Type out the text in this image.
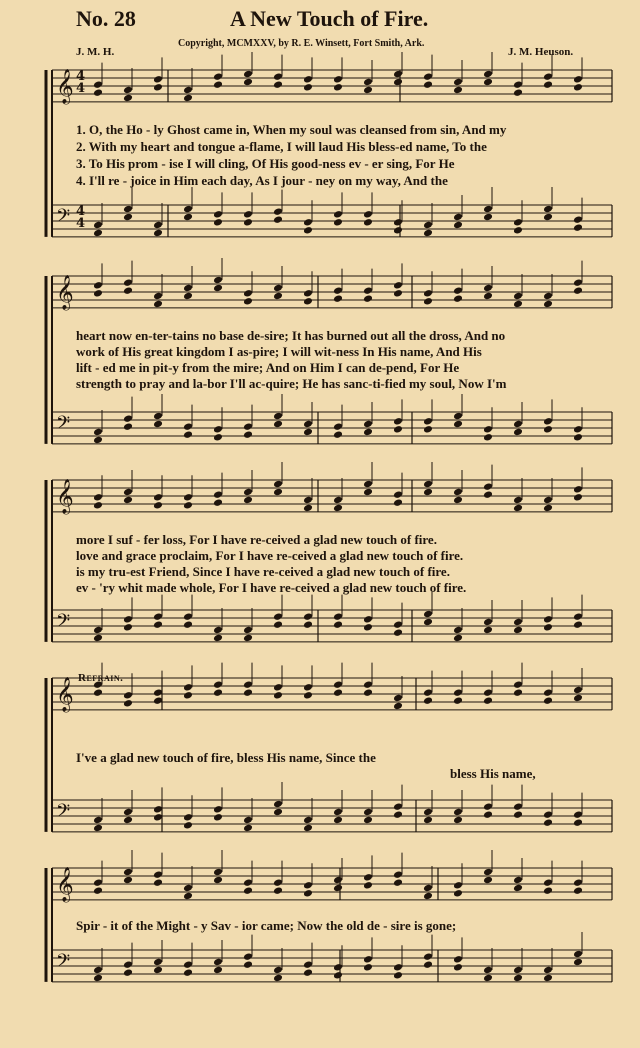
𝄞
𝄢
𝄞
𝄢
𝄞
𝄢
𝄞
𝄢
𝄞
𝄢
4
4
4
4
No. 28	A New Touch of Fire.
Copyright, MCMXXV, by R. E. Winsett, Fort Smith, Ark.
J. M. H.	J. M. Heuson.
1. O, the Ho - ly Ghost came in, When my soul was cleansed from sin, And my
2. With my heart and tongue a-flame, I will laud His bless-ed name, To the
3. To His prom - ise I will cling, Of His good-ness ev - er sing, For He
4. I'll re - joice in Him each day, As I jour - ney on my way, And the
heart now en-ter-tains no base de-sire; It has burned out all the dross, And no
work of His great kingdom I as-pire; I will wit-ness In His name, And His
lift - ed me in pit-y from the mire; And on Him I can de-pend, For He
strength to pray and la-bor I'll ac-quire; He has sanc-ti-fied my soul, Now I'm
more I suf - fer loss, For I have re-ceived a glad new touch of fire.
love and grace proclaim, For I have re-ceived a glad new touch of fire.
is my tru-est Friend, Since I have re-ceived a glad new touch of fire.
ev - 'ry whit made whole, For I have re-ceived a glad new touch of fire.
Refrain.
I've a glad new touch of fire, bless His name, Since the
bless His name,
Spir - it of the Might - y Sav - ior came; Now the old de - sire is gone;
